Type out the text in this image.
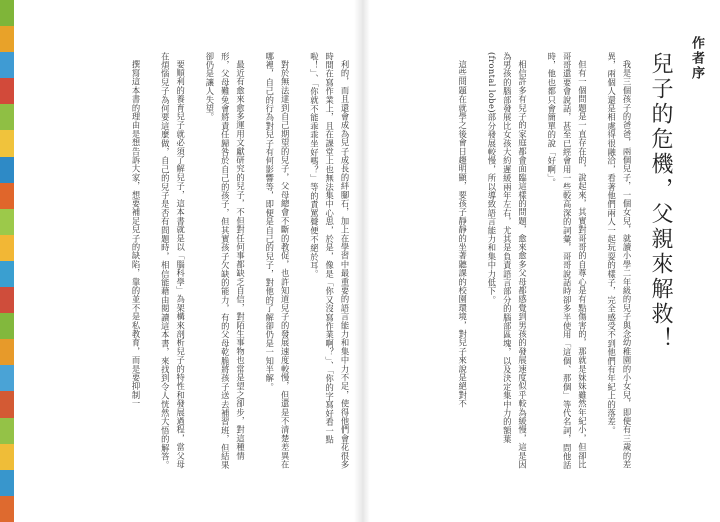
利的，而且還會成為兒子成長的絆腳石，加上在學習中最重要的語言能力和集中力不足，使得他們會花很多時間在寫作業上，且在課堂上也無法集中心思，於是，像是「你又沒寫作業啊？」、「你的字寫好看一點啦！」、「你就不能乖乖坐好嗎？」等的責罵聲便不絕於耳。

對於無法達到自己期望的兒子，父母總會不斷的教促，也許知道兒子的發展速度較慢，但還是不清楚差異在哪裡，自己的行為對兒子有何影響等，即便是自己的兒子，對他的了解卻仍是一知半解。

最近有愈來愈多運用文獻研究的兒子，不但對任何事都缺乏自信，對陌生事物也常是望之卻步，對這種情形，父母難免會將責任歸咎於自己的孩子，但其實孩子欠缺的能力，有的父母乾脆將孩子送去補習班，但結果卻仍是讓人失望。

要順利的養育兒子就必須了解兒子，這本書就是以「腦科學」為架構來剖析兒子的特性和發展過程，當父母在煩惱兒子為何要這麼做，自己的兒子是否有問題時，相信能藉由閱讀這本書，來找到令人恍然大悟的解答。

撰寫這本書的理由是想告訴大家，想要補足兒子的缺陷，靠的並不是私教育，而是要抑制一

作者序
兒子的危機，父親來解救！

我是三個孩子的爸爸，兩個兒子，一個女兒，就讀小學二年級的兒子與念幼稚園的小女兒，即便有三歲的差異，兩個人還是相處得很融洽，看著他們兩人一起玩耍的樣子，完全感受不到他們有年紀上的落差。

但有一個問題是一直存在的，說起來，其實對哥哥的自尊心是有點傷害的，那就是妹妹雖然年紀小，但卻比哥哥還要會說話，甚至已經會用一些較高深的詞彙，哥哥說話時卻多半使用「這個、那個」等代名詞，問他話時，他也都只會簡單的說「好啊」。

相信許多有兒子的家庭都會面臨這樣的問題，愈來愈多父母都感覺到男孩的發展速度似乎較為緩慢，這是因為男孩的腦部發展比女孩大約遲緩兩年左右，尤其是負責語言部分的腦部區塊，以及決定集中力的額葉(frontal lobe)部分發展較慢，所以導致語言能力和集中力低下。

這些問題在就學之後會日趨明顯，要孩子靜靜的坐著聽課的校園環境，對兒子來說是絕對不
